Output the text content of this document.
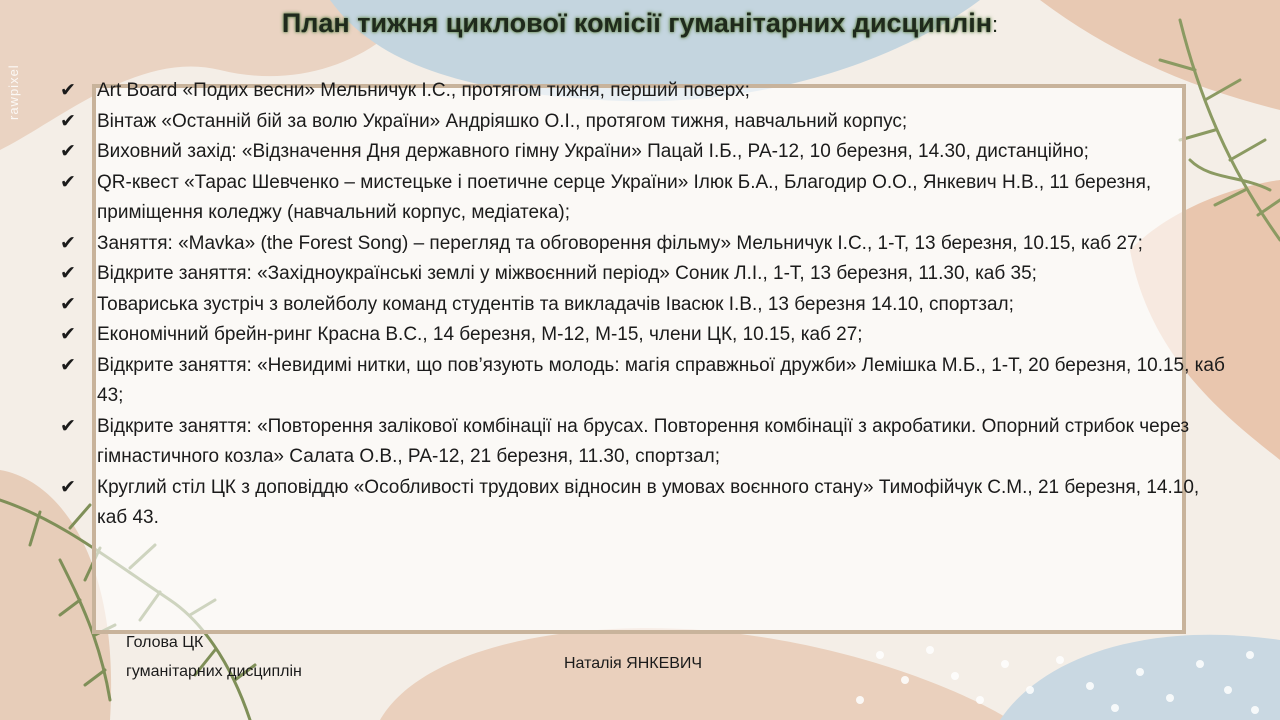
rawpixel
План тижня циклової комісії гуманітарних дисциплін:
✔ Art Board «Подих весни» Мельничук І.С., протягом тижня, перший поверх;
✔ Вінтаж «Останній бій за волю України» Андріяшко О.І., протягом тижня, навчальний корпус;
✔ Виховний захід: «Відзначення Дня державного гімну України» Пацай І.Б., РА-12, 10 березня, 14.30, дистанційно;
✔ QR-квест «Тарас Шевченко – мистецьке і поетичне серце України» Ілюк Б.А., Благодир О.О., Янкевич Н.В., 11 березня, приміщення коледжу (навчальний корпус, медіатека);
✔ Заняття: «Mavka» (the Forest Song) – перегляд та обговорення фільму» Мельничук І.С., 1-Т, 13 березня, 10.15, каб 27;
✔ Відкрите заняття: «Західноукраїнські землі у міжвоєнний період» Соник Л.І., 1-Т, 13 березня, 11.30, каб 35;
✔ Товариська зустріч з волейболу команд студентів та викладачів Івасюк І.В., 13 березня 14.10, спортзал;
✔ Економічний брейн-ринг Красна В.С., 14 березня, М-12, М-15, члени ЦК, 10.15, каб 27;
✔ Відкрите заняття: «Невидимі нитки, що пов’язують молодь: магія справжньої дружби» Лемішка М.Б., 1-Т, 20 березня, 10.15, каб 43;
✔ Відкрите заняття: «Повторення залікової комбінації на брусах. Повторення комбінації з акробатики. Опорний стрибок через гімнастичного козла» Салата О.В., РА-12, 21 березня, 11.30, спортзал;
✔ Круглий стіл ЦК з доповіддю «Особливості трудових відносин в умовах воєнного стану» Тимофійчук С.М., 21 березня, 14.10, каб 43.
Голова ЦК
гуманітарних дисциплін	Наталія ЯНКЕВИЧ
